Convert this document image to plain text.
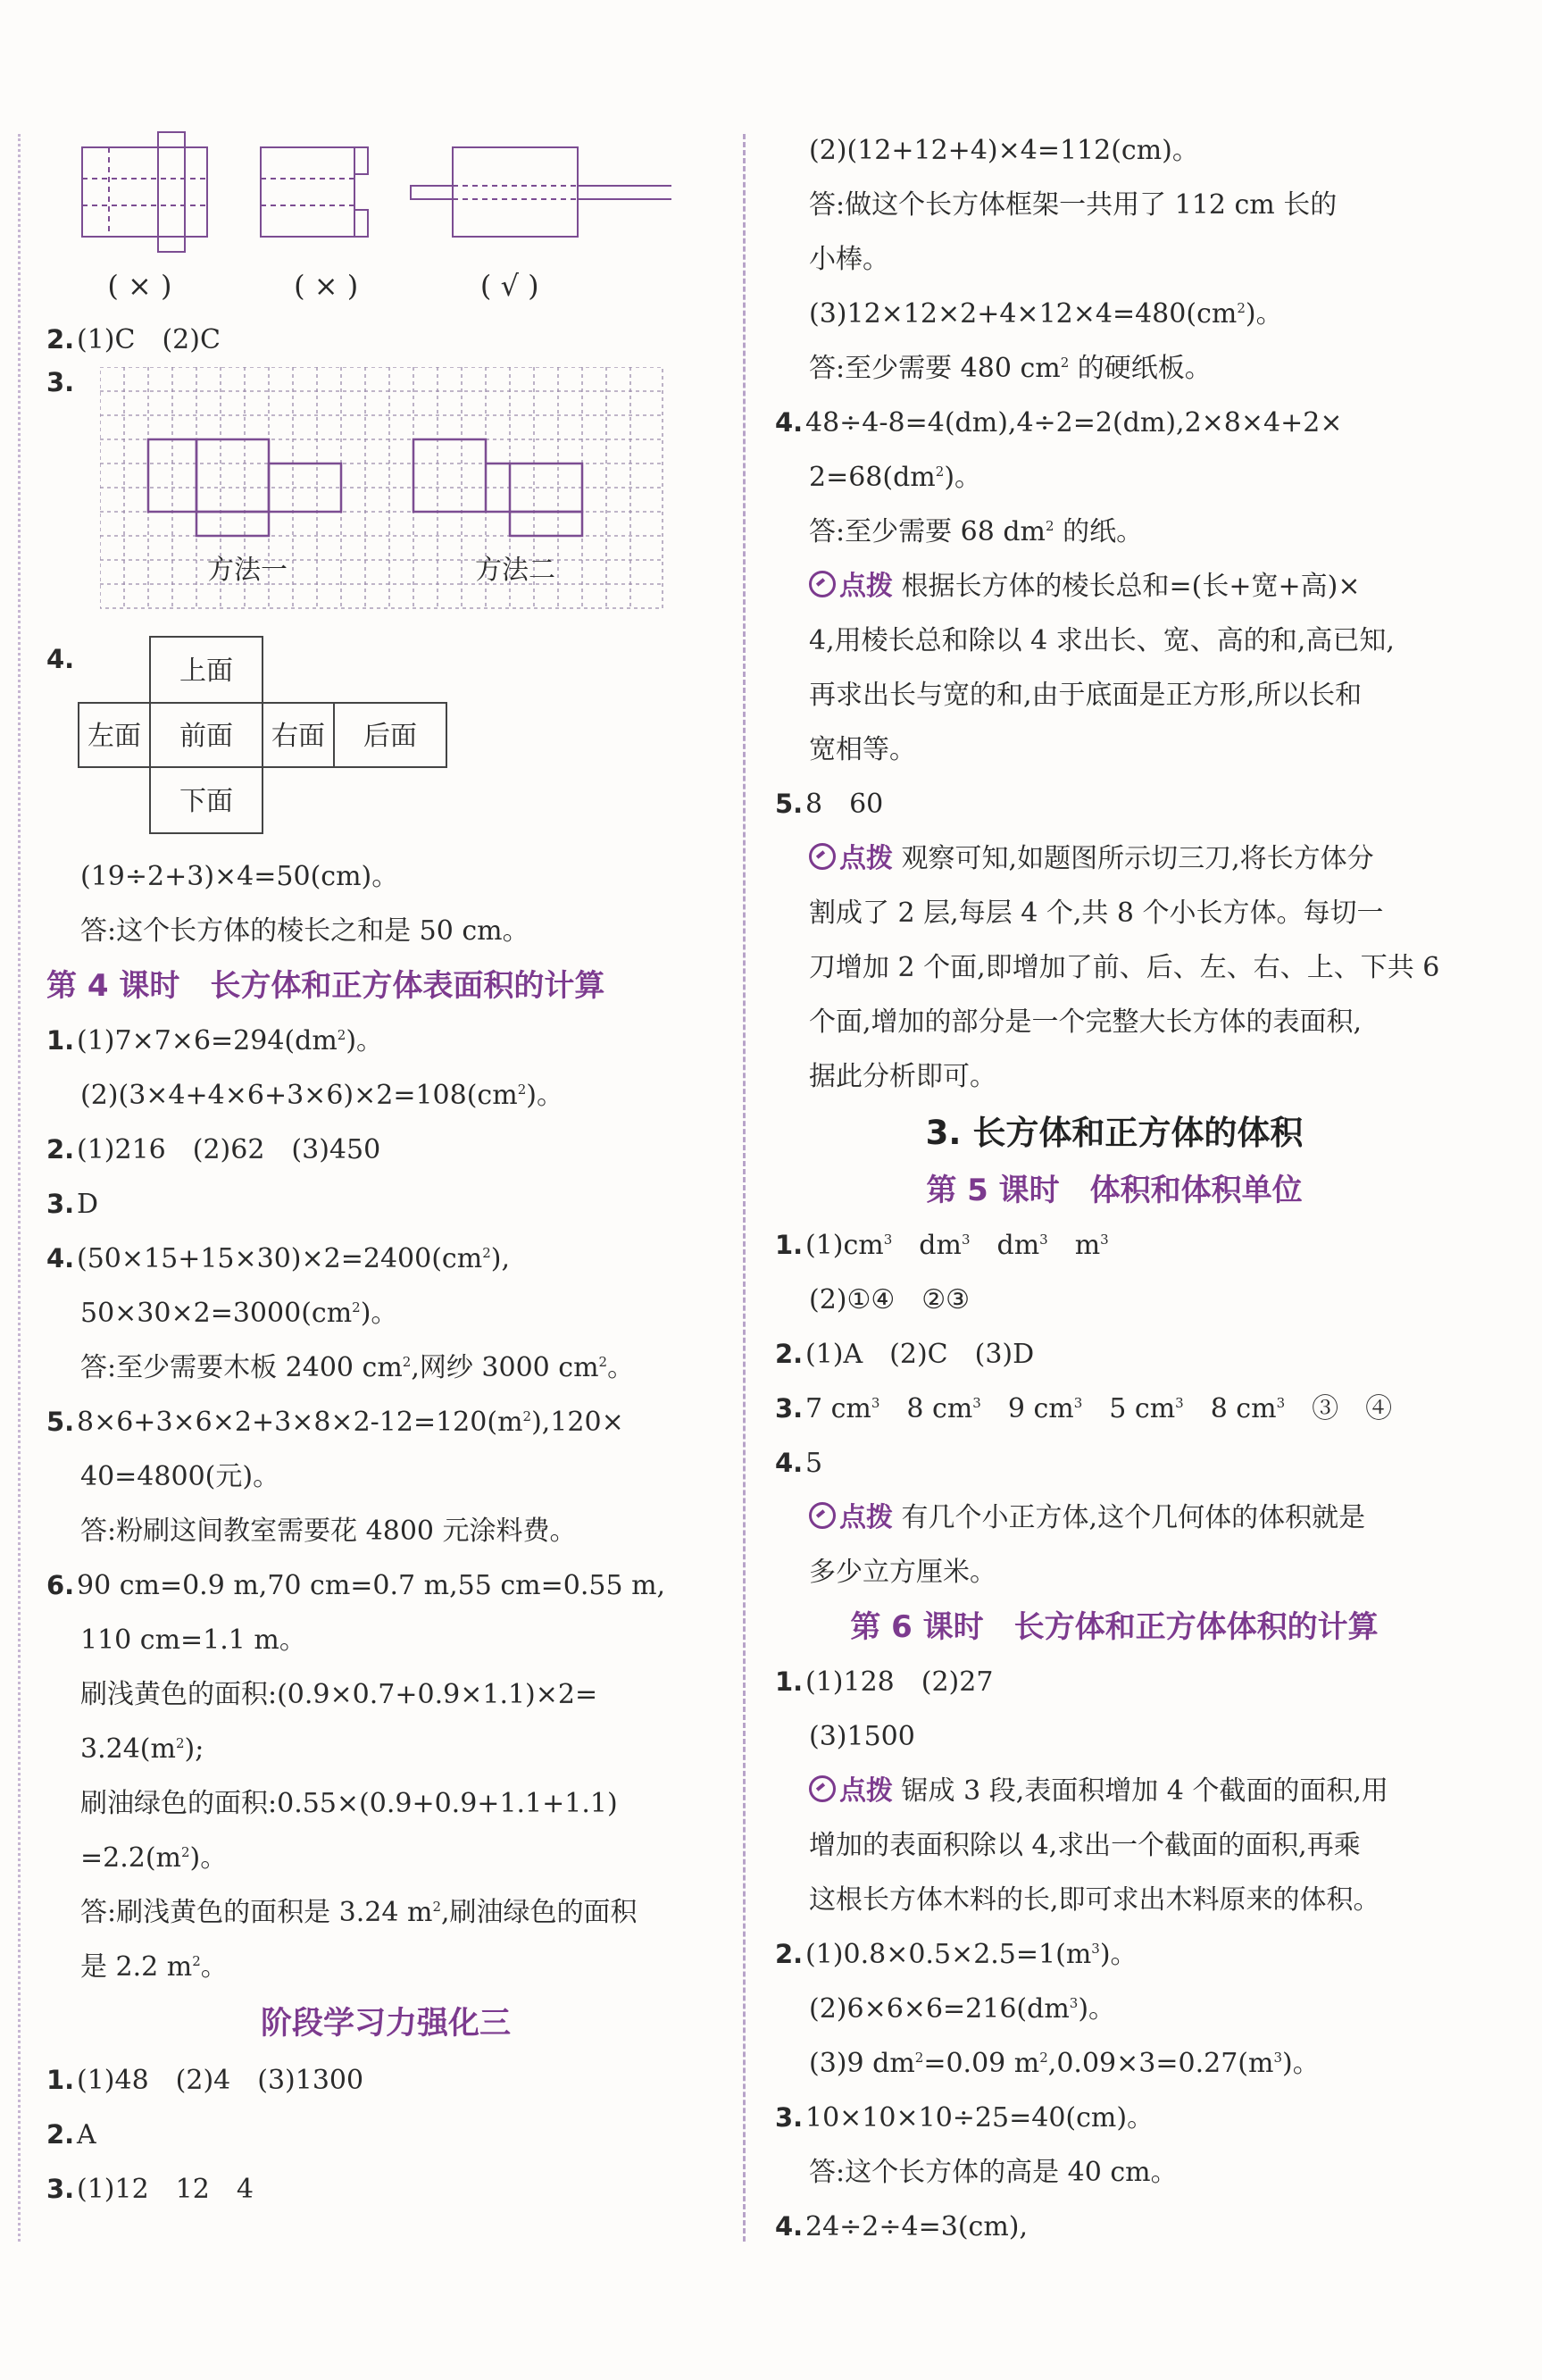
( × )	( × )	( √ )
2.(1)C　(2)C
3.
方法一	方法二
4.	上面
左面 前面 右面 后面
下面
(19÷2+3)×4=50(cm)。
答:这个长方体的棱长之和是 50 cm。
第 4 课时　长方体和正方体表面积的计算
$1.(1)7\times 7\times 6=294(dm^2)$。
$(2)(3\times 4+4\times 6+3\times 6)\times 2=108(cm^2)$。
2.(1)216　(2)62　(3)450
3.D
$4.(50\times 15+15\times 30)\times 2=2400(cm^2)$,
$50\times 30\times 2=3000(cm^2)$。
答:至少需要木板 2400 $cm^2$,网纱 3000 $cm^2$。
$5.8\times 6+3\times 6\times 2+3\times 8\times 2-12=120(m^2),120\times$
40=4800(元)。
答:粉刷这间教室需要花 4800 元涂料费。
6.90 cm=0.9 m,70 cm=0.7 m,55 cm=0.55 m,
110 cm=1.1 m。
刷浅黄色的面积:(0.9×0.7+0.9×1.1)×2=
$3.24(m^2)$;
刷油绿色的面积:0.55×(0.9+0.9+1.1+1.1)
$=2.2(m^2)$。
答:刷浅黄色的面积是 3.24 $m^2$,刷油绿色的面积
是 2.2 $m^2$。
阶段学习力强化三
1.(1)48　(2)4　(3)1300
2.A
3.(1)12　12　4
(2)(12+12+4)×4=112(cm)。
答:做这个长方体框架一共用了 112 cm 长的
小棒。
$(3)12\times 12\times 2+4\times 12\times 4=480(cm^2)$。
答:至少需要 480 $cm^2$ 的硬纸板。
4.48÷4-8=4(dm),4÷2=2(dm),2×8×4+2×
$2=68(dm^2)$。
答:至少需要 68 $dm^2$ 的纸。
点拨 根据长方体的棱长总和=(长+宽+高)×
4,用棱长总和除以 4 求出长、宽、高的和,高已知,
再求出长与宽的和,由于底面是正方形,所以长和
宽相等。
5.8　60
点拨 观察可知,如题图所示切三刀,将长方体分
割成了 2 层,每层 4 个,共 8 个小长方体。每切一
刀增加 2 个面,即增加了前、后、左、右、上、下共 6
个面,增加的部分是一个完整大长方体的表面积,
据此分析即可。
3. 长方体和正方体的体积
第 5 课时　体积和体积单位
$1.(1)cm^3$　 $dm^3$　 $dm^3$　 $m^3$
(2)①④　②③
2.(1)A　(2)C　(3)D
3.7 $cm^3$　 8 $cm^3$　 9 $cm^3$　 5 $cm^3$　 8 $cm^3$　 ③　④
4.5
点拨 有几个小正方体,这个几何体的体积就是
多少立方厘米。
第 6 课时　长方体和正方体体积的计算
1.(1)128　(2)27
(3)1500
点拨 锯成 3 段,表面积增加 4 个截面的面积,用
增加的表面积除以 4,求出一个截面的面积,再乘
这根长方体木料的长,即可求出木料原来的体积。
$2.(1)0.8\times 0.5\times 2.5=1(m^3)$。
$(2)6\times 6\times 6=216(dm^3)$。
(3)9 $dm^2=0.09$ $m^2,0.09\times 3=0.27(m^3)$。
3.10×10×10÷25=40(cm)。
答:这个长方体的高是 40 cm。
4.24÷2÷4=3(cm),
